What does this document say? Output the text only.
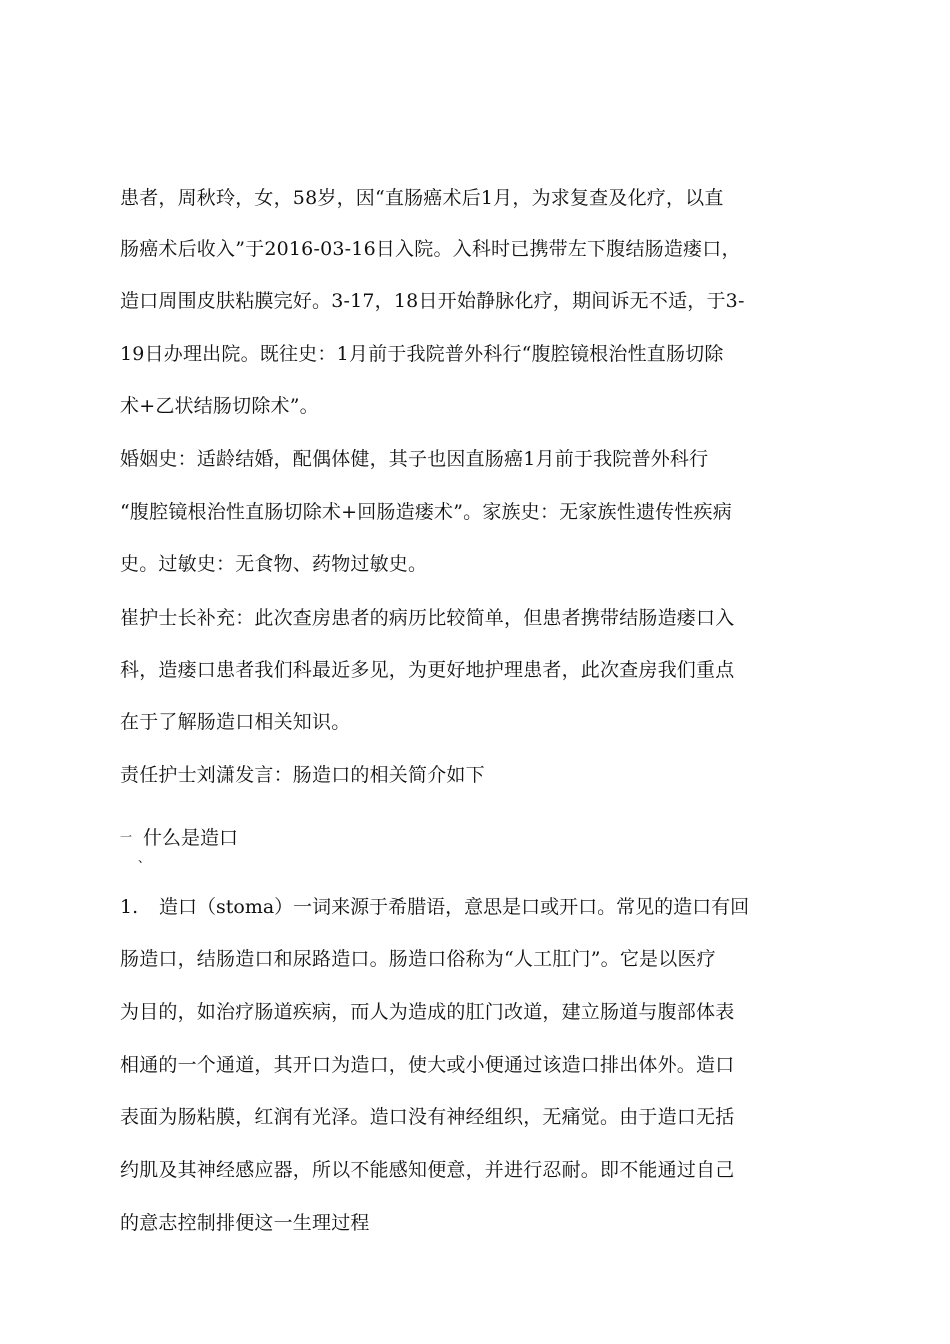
患者，周秋玲，女，58岁，因“直肠癌术后1月，为求复查及化疗，以直
肠癌术后收入”于2016-03-16日入院。入科时已携带左下腹结肠造瘘口，
造口周围皮肤粘膜完好。3-17，18日开始静脉化疗，期间诉无不适，于3-
19日办理出院。既往史：1月前于我院普外科行“腹腔镜根治性直肠切除
术+乙状结肠切除术”。
婚姻史：适龄结婚，配偶体健，其子也因直肠癌1月前于我院普外科行
“腹腔镜根治性直肠切除术+回肠造瘘术”。家族史：无家族性遗传性疾病
史。过敏史：无食物、药物过敏史。
崔护士长补充：此次查房患者的病历比较简单，但患者携带结肠造瘘口入
科，造瘘口患者我们科最近多见，为更好地护理患者，此次查房我们重点
在于了解肠造口相关知识。
责任护士刘潇发言：肠造口的相关简介如下
一
、
什么是造口
1. 造口（stoma）一词来源于希腊语，意思是口或开口。常见的造口有回
肠造口，结肠造口和尿路造口。肠造口俗称为“人工肛门”。它是以医疗
为目的，如治疗肠道疾病，而人为造成的肛门改道，建立肠道与腹部体表
相通的一个通道，其开口为造口，使大或小便通过该造口排出体外。造口
表面为肠粘膜，红润有光泽。造口没有神经组织，无痛觉。由于造口无括
约肌及其神经感应器，所以不能感知便意，并进行忍耐。即不能通过自己
的意志控制排便这一生理过程
